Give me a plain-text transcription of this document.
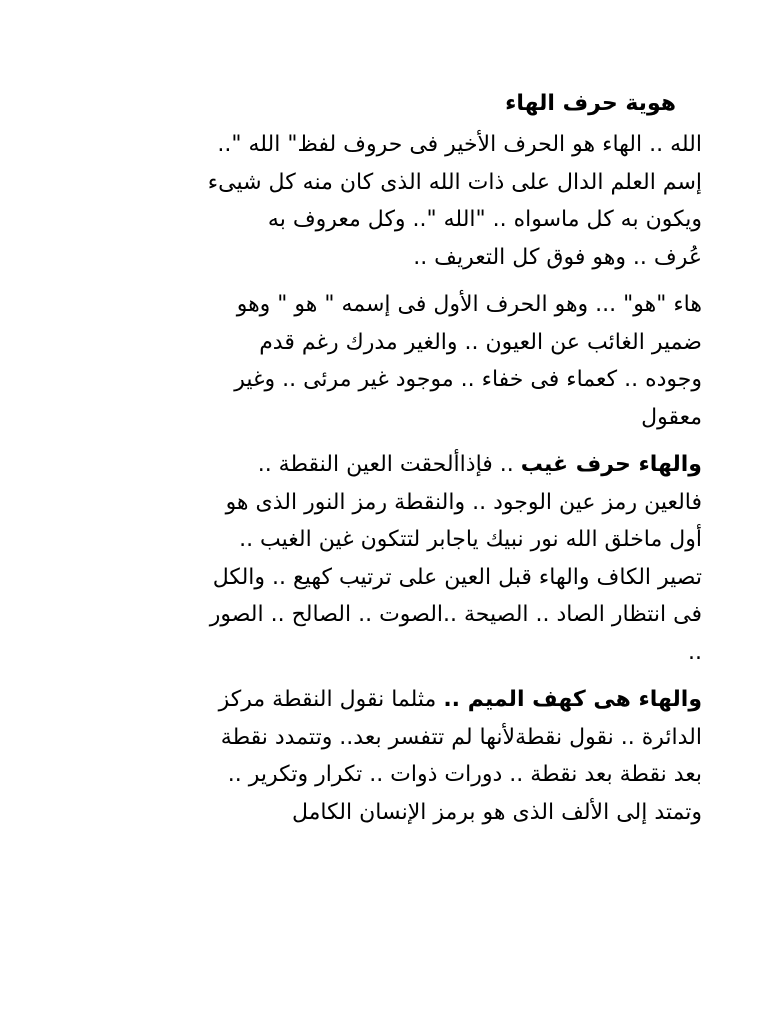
هوية حرف الهاء
الله .. الهاء هو الحرف الأخير فى حروف لفظ" الله "..
إسم العلم الدال على ذات الله الذى كان منه كل شيىء
ويكون به كل ماسواه .. "الله ".. وكل معروف به
عُرف .. وهو فوق كل التعريف ..
هاء "هو" ... وهو الحرف الأول فى إسمه " هو " وهو
ضمير الغائب عن العيون .. والغير مدرك رغم قدم
وجوده .. كعماء فى خفاء .. موجود غير مرئى .. وغير
معقول
والهاء حرف غيب .. فإذاألحقت العين النقطة ..
فالعين رمز عين الوجود .. والنقطة رمز النور الذى هو
أول ماخلق الله نور نبيك ياجابر لتتكون غين الغيب ..
تصير الكاف والهاء قبل العين على ترتيب كهيع .. والكل
فى انتظار الصاد .. الصيحة ..الصوت .. الصالح .. الصور
..
والهاء هى كهف الميم .. مثلما نقول النقطة مركز
الدائرة .. نقول نقطةلأنها لم تتفسر بعد.. وتتمدد نقطة
بعد نقطة بعد نقطة .. دورات ذوات .. تكرار وتكرير ..
وتمتد إلى الألف الذى هو برمز الإنسان الكامل
